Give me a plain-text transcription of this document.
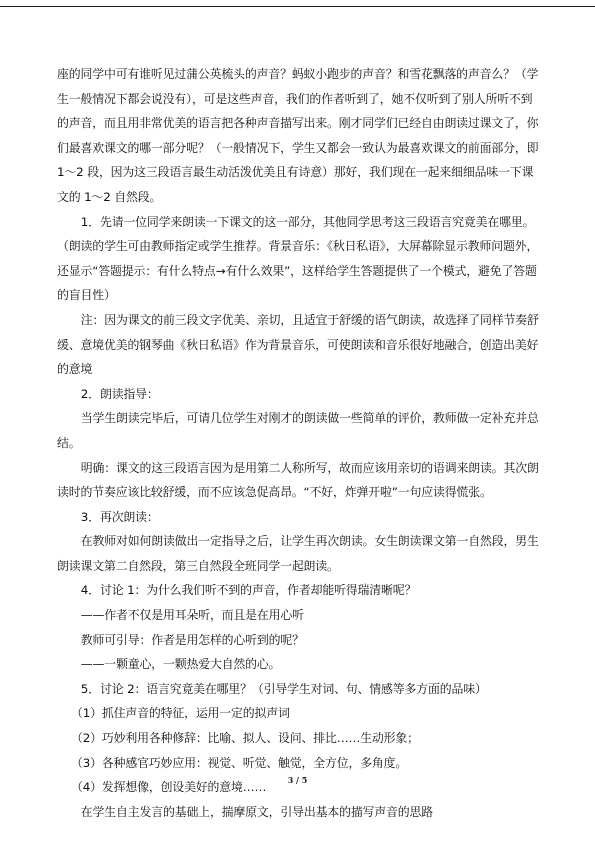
座的同学中可有谁听见过蒲公英梳头的声音？蚂蚁小跑步的声音？和雪花飘落的声音么？（学生一般情况下都会说没有），可是这些声音，我们的作者听到了，她不仅听到了别人所听不到的声音，而且用非常优美的语言把各种声音描写出来。刚才同学们已经自由朗读过课文了，你们最喜欢课文的哪一部分呢？（一般情况下，学生又都会一致认为最喜欢课文的前面部分，即 1～2 段，因为这三段语言最生动活泼优美且有诗意）那好，我们现在一起来细细品味一下课文的 1～2 自然段。

1．先请一位同学来朗读一下课文的这一部分，其他同学思考这三段语言究竟美在哪里。（朗读的学生可由教师指定或学生推荐。背景音乐：《秋日私语》，大屏幕除显示教师问题外，还显示“答题提示：有什么特点→有什么效果”，这样给学生答题提供了一个模式，避免了答题的盲目性）

注：因为课文的前三段文字优美、亲切，且适宜于舒缓的语气朗读，故选择了同样节奏舒缓、意境优美的钢琴曲《秋日私语》作为背景音乐，可使朗读和音乐很好地融合，创造出美好的意境

2．朗读指导：

当学生朗读完毕后，可请几位学生对刚才的朗读做一些简单的评价，教师做一定补充并总结。

明确：课文的这三段语言因为是用第二人称所写，故而应该用亲切的语调来朗读。其次朗读时的节奏应该比较舒缓，而不应该急促高昂。“不好，炸弹开啦”一句应读得慌张。

3．再次朗读：

在教师对如何朗读做出一定指导之后，让学生再次朗读。女生朗读课文第一自然段，男生朗读课文第二自然段，第三自然段全班同学一起朗读。

4．讨论 1：为什么我们听不到的声音，作者却能听得瑞清晰呢？

——作者不仅是用耳朵听，而且是在用心听

教师可引导：作者是用怎样的心听到的呢？

——一颗童心，一颗热爱大自然的心。

5．讨论 2：语言究竟美在哪里？（引导学生对词、句、情感等多方面的品味）

（1）抓住声音的特征，运用一定的拟声词

（2）巧妙利用各种修辞：比喻、拟人、设问、排比……生动形象；

（3）各种感官巧妙应用：视觉、听觉、触觉，全方位，多角度。

（4）发挥想像，创设美好的意境……

在学生自主发言的基础上，揣摩原文，引导出基本的描写声音的思路

3 / 5
